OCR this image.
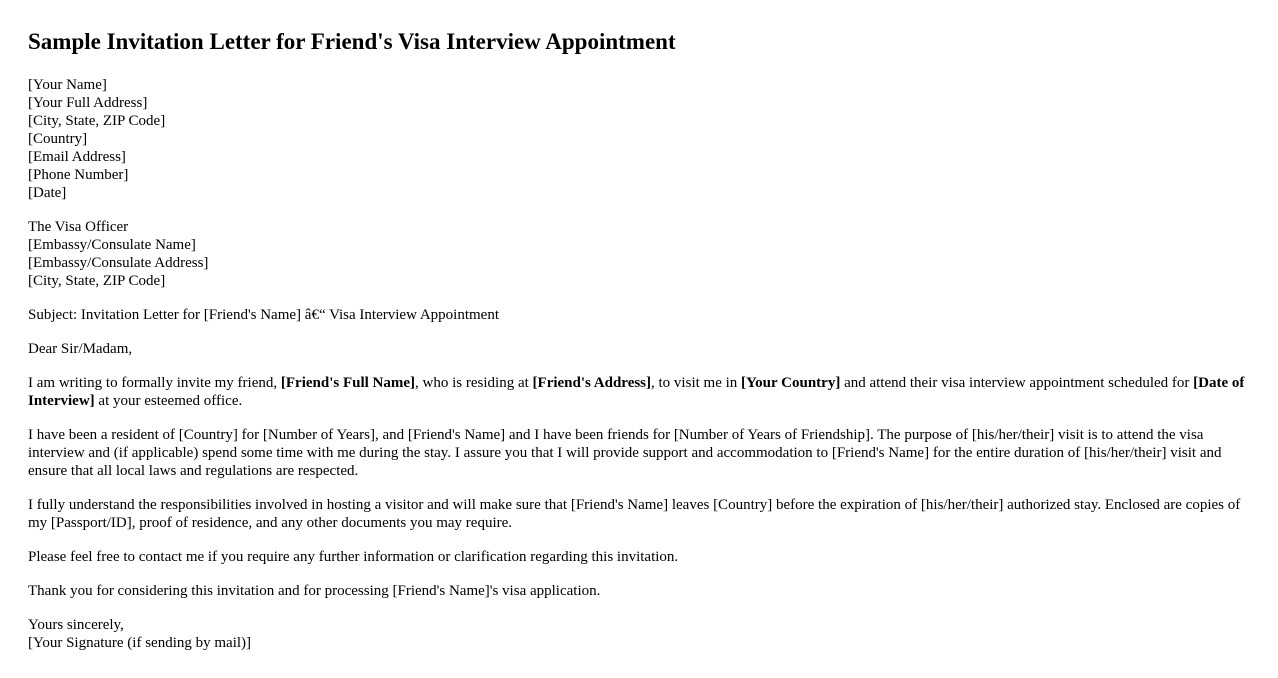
Sample Invitation Letter for Friend's Visa Interview Appointment
[Your Name]
[Your Full Address]
[City, State, ZIP Code]
[Country]
[Email Address]
[Phone Number]
[Date]
The Visa Officer
[Embassy/Consulate Name]
[Embassy/Consulate Address]
[City, State, ZIP Code]

Subject: Invitation Letter for [Friend's Name] â€“ Visa Interview Appointment

Dear Sir/Madam,

I am writing to formally invite my friend, [Friend's Full Name], who is residing at [Friend's Address], to visit me in [Your Country] and attend their visa interview appointment scheduled for [Date of Interview] at your esteemed office.

I have been a resident of [Country] for [Number of Years], and [Friend's Name] and I have been friends for [Number of Years of Friendship]. The purpose of [his/her/their] visit is to attend the visa interview and (if applicable) spend some time with me during the stay. I assure you that I will provide support and accommodation to [Friend's Name] for the entire duration of [his/her/their] visit and ensure that all local laws and regulations are respected.

I fully understand the responsibilities involved in hosting a visitor and will make sure that [Friend's Name] leaves [Country] before the expiration of [his/her/their] authorized stay. Enclosed are copies of my [Passport/ID], proof of residence, and any other documents you may require.

Please feel free to contact me if you require any further information or clarification regarding this invitation.

Thank you for considering this invitation and for processing [Friend's Name]'s visa application.

Yours sincerely,
[Your Signature (if sending by mail)]
